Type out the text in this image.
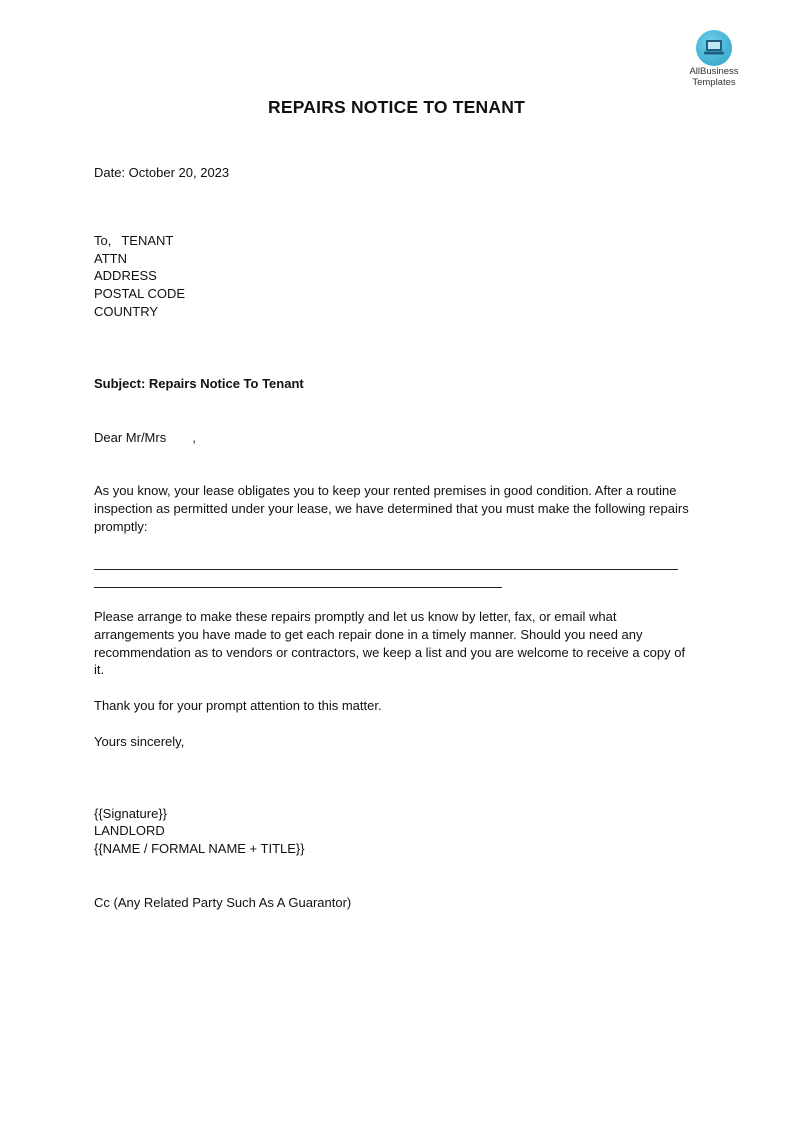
AllBusiness
Templates
REPAIRS NOTICE TO TENANT
Date: October 20, 2023
To, TENANT
ATTN
ADDRESS
POSTAL CODE
COUNTRY
Subject: Repairs Notice To Tenant
Dear Mr/Mrs ,
As you know, your lease obligates you to keep your rented premises in good condition. After a routine inspection as permitted under your lease, we have determined that you must make the following repairs promptly:
Please arrange to make these repairs promptly and let us know by letter, fax, or email what arrangements you have made to get each repair done in a timely manner. Should you need any recommendation as to vendors or contractors, we keep a list and you are welcome to receive a copy of it.
Thank you for your prompt attention to this matter.
Yours sincerely,
{{Signature}}
LANDLORD
{{NAME / FORMAL NAME + TITLE}}
Cc (Any Related Party Such As A Guarantor)
